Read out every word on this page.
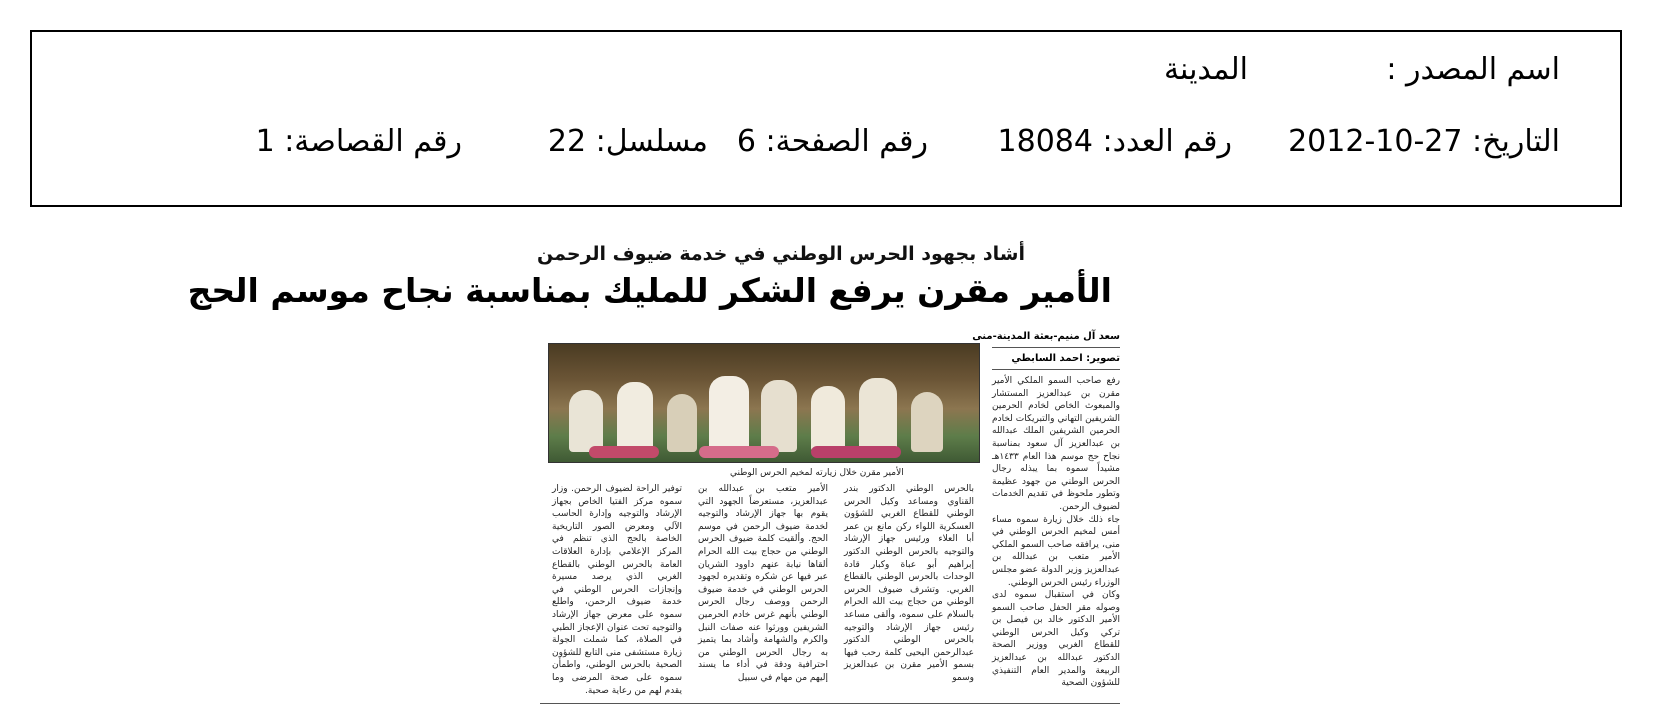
اسم المصدر :
المدينة
التاريخ: 27-10-2012
رقم العدد: 18084
رقم الصفحة: 6
مسلسل: 22
رقم القصاصة: 1
أشاد بجهود الحرس الوطني في خدمة ضيوف الرحمن
الأمير مقرن يرفع الشكر للمليك بمناسبة نجاح موسم الحج
سعد آل منيم-بعثة المدينة-منى
تصوير: احمد السابطي
الأمير مقرن خلال زيارته لمخيم الحرس الوطني

رفع صاحب السمو الملكي الأمير مقرن بن عبدالعزيز المستشار والمبعوث الخاص لخادم الحرمين الشريفين التهاني والتبريكات لخادم الحرمين الشريفين الملك عبدالله بن عبدالعزيز آل سعود بمناسبة نجاح حج موسم هذا العام ١٤٣٣هـ مشيداً سموه بما يبذله رجال الحرس الوطني من جهود عظيمة وتطور ملحوظ في تقديم الخدمات لضيوف الرحمن.

جاء ذلك خلال زيارة سموه مساء أمس لمخيم الحرس الوطني في منى، يرافقه صاحب السمو الملكي الأمير متعب بن عبدالله بن عبدالعزيز وزير الدولة عضو مجلس الوزراء رئيس الحرس الوطني.

وكان في استقبال سموه لدى وصوله مقر الحفل صاحب السمو الأمير الدكتور خالد بن فيصل بن تركي وكيل الحرس الوطني للقطاع الغربي ووزير الصحة الدكتور عبدالله بن عبدالعزيز الربيعة والمدير العام التنفيذي للشؤون الصحية

بالحرس الوطني الدكتور بندر القناوي ومساعد وكيل الحرس الوطني للقطاع الغربي للشؤون العسكرية اللواء ركن مانع بن عمر أبا العلاء ورئيس جهاز الإرشاد والتوجيه بالحرس الوطني الدكتور إبراهيم أبو عباة وكبار قادة الوحدات بالحرس الوطني بالقطاع الغربي. وتشرف ضيوف الحرس الوطني من حجاج بيت الله الحرام بالسلام على سموه، وألقى مساعد رئيس جهاز الإرشاد والتوجيه بالحرس الوطني الدكتور عبدالرحمن اليحيى كلمة رحب فيها بسمو الأمير مقرن بن عبدالعزيز وسمو
الأمير متعب بن عبدالله بن عبدالعزيز، مستعرضاً الجهود التي يقوم بها جهاز الإرشاد والتوجيه لخدمة ضيوف الرحمن في موسم الحج. وألقيت كلمة ضيوف الحرس الوطني من حجاج بيت الله الحرام ألقاها نيابة عنهم داوود الشريان عبر فيها عن شكره وتقديره لجهود الحرس الوطني في خدمة ضيوف الرحمن ووصف رجال الحرس الوطني بأنهم غرس خادم الحرمين الشريفين وورثوا عنه صفات النبل والكرم والشهامة وأشاد بما يتميز به رجال الحرس الوطني من احترافية ودقة في أداء ما يسند إليهم من مهام في سبيل
توفير الراحة لضيوف الرحمن. وزار سموه مركز الفتيا الخاص بجهاز الإرشاد والتوجيه وإدارة الحاسب الآلي ومعرض الصور التاريخية الخاصة بالحج الذي تنظم في المركز الإعلامي بإدارة العلاقات العامة بالحرس الوطني بالقطاع الغربي الذي يرصد مسيرة وإنجازات الحرس الوطني في خدمة ضيوف الرحمن، واطلع سموه على معرض جهاز الإرشاد والتوجيه تحت عنوان الإعجاز الطبي في الصلاة، كما شملت الجولة زيارة مستشفى منى التابع للشؤون الصحية بالحرس الوطني، واطمأن سموه على صحة المرضى وما يقدم لهم من رعاية صحية.
